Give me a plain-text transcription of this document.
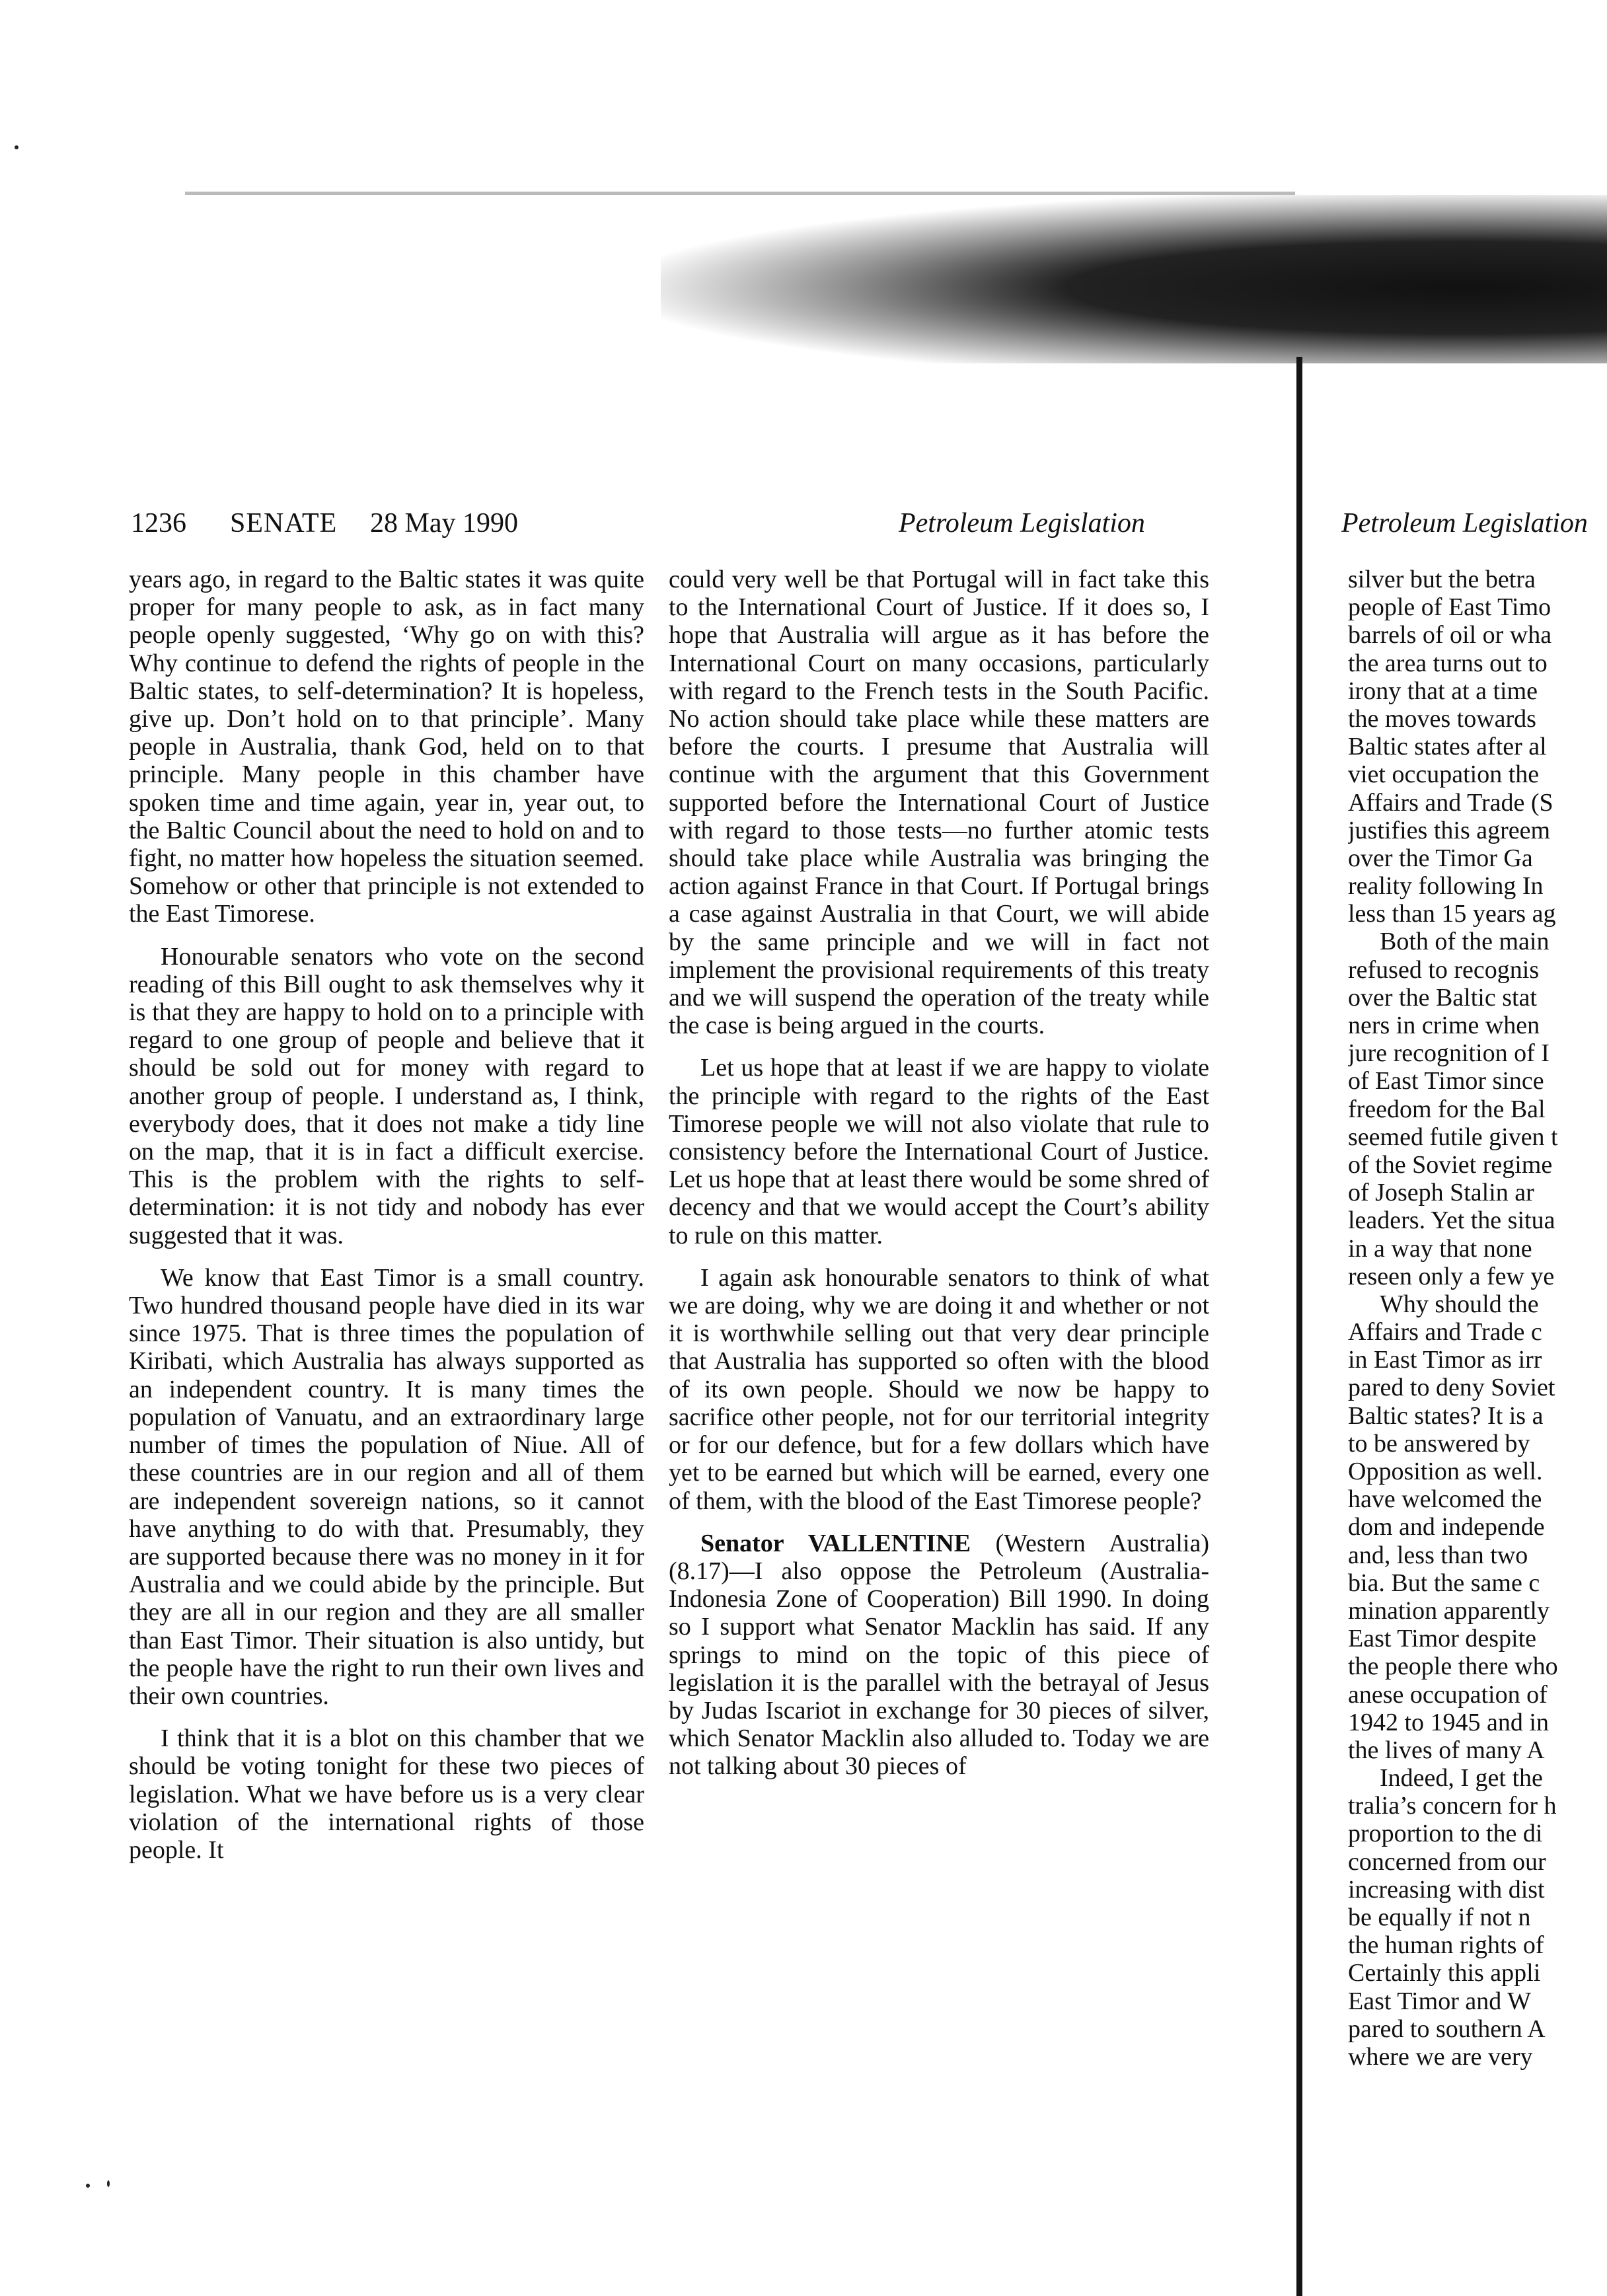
1236 SENATE 28 May 1990	Petroleum Legislation	Petroleum Legislation

years ago, in regard to the Baltic states it was quite proper for many people to ask, as in fact many people openly suggested, ‘Why go on with this? Why continue to defend the rights of people in the Baltic states, to self-determination? It is hopeless, give up. Don’t hold on to that principle’. Many people in Australia, thank God, held on to that principle. Many people in this chamber have spoken time and time again, year in, year out, to the Baltic Council about the need to hold on and to fight, no matter how hopeless the situation seemed. Somehow or other that principle is not extended to the East Timorese.

Honourable senators who vote on the second reading of this Bill ought to ask themselves why it is that they are happy to hold on to a principle with regard to one group of people and believe that it should be sold out for money with regard to another group of people. I understand as, I think, everybody does, that it does not make a tidy line on the map, that it is in fact a difficult exercise. This is the problem with the rights to self-determination: it is not tidy and nobody has ever suggested that it was.

We know that East Timor is a small country. Two hundred thousand people have died in its war since 1975. That is three times the population of Kiribati, which Australia has always supported as an independent country. It is many times the population of Vanuatu, and an extraordinary large number of times the population of Niue. All of these countries are in our region and all of them are independent sovereign nations, so it cannot have anything to do with that. Presumably, they are supported because there was no money in it for Australia and we could abide by the principle. But they are all in our region and they are all smaller than East Timor. Their situation is also untidy, but the people have the right to run their own lives and their own countries.

I think that it is a blot on this chamber that we should be voting tonight for these two pieces of legislation. What we have before us is a very clear violation of the international rights of those people. It

could very well be that Portugal will in fact take this to the International Court of Justice. If it does so, I hope that Australia will argue as it has before the International Court on many occasions, particularly with regard to the French tests in the South Pacific. No action should take place while these matters are before the courts. I presume that Australia will continue with the argument that this Government supported before the International Court of Justice with regard to those tests—no further atomic tests should take place while Australia was bringing the action against France in that Court. If Portugal brings a case against Australia in that Court, we will abide by the same principle and we will in fact not implement the provisional requirements of this treaty and we will suspend the operation of the treaty while the case is being argued in the courts.

Let us hope that at least if we are happy to violate the principle with regard to the rights of the East Timorese people we will not also violate that rule to consistency before the International Court of Justice. Let us hope that at least there would be some shred of decency and that we would accept the Court’s ability to rule on this matter.

I again ask honourable senators to think of what we are doing, why we are doing it and whether or not it is worthwhile selling out that very dear principle that Australia has supported so often with the blood of its own people. Should we now be happy to sacrifice other people, not for our territorial integrity or for our defence, but for a few dollars which have yet to be earned but which will be earned, every one of them, with the blood of the East Timorese people?

Senator VALLENTINE (Western Australia) (8.17)—I also oppose the Petroleum (Australia-Indonesia Zone of Cooperation) Bill 1990. In doing so I support what Senator Macklin has said. If any springs to mind on the topic of this piece of legislation it is the parallel with the betrayal of Jesus by Judas Iscariot in exchange for 30 pieces of silver, which Senator Macklin also alluded to. Today we are not talking about 30 pieces of

silver but the betra
people of East Timo
barrels of oil or wha
the area turns out to
irony that at a time
the moves towards
Baltic states after al
viet occupation the
Affairs and Trade (S
justifies this agreem
over the Timor Ga
reality following In
less than 15 years ag
Both of the main
refused to recognis
over the Baltic stat
ners in crime when
jure recognition of I
of East Timor since
freedom for the Bal
seemed futile given t
of the Soviet regime
of Joseph Stalin ar
leaders. Yet the situa
in a way that none
reseen only a few ye
Why should the
Affairs and Trade c
in East Timor as irr
pared to deny Soviet
Baltic states? It is a
to be answered by
Opposition as well.
have welcomed the
dom and independe
and, less than two
bia. But the same c
mination apparently
East Timor despite
the people there who
anese occupation of
1942 to 1945 and in
the lives of many A
Indeed, I get the
tralia’s concern for h
proportion to the di
concerned from our
increasing with dist
be equally if not n
the human rights of
Certainly this appli
East Timor and W
pared to southern A
where we are very
